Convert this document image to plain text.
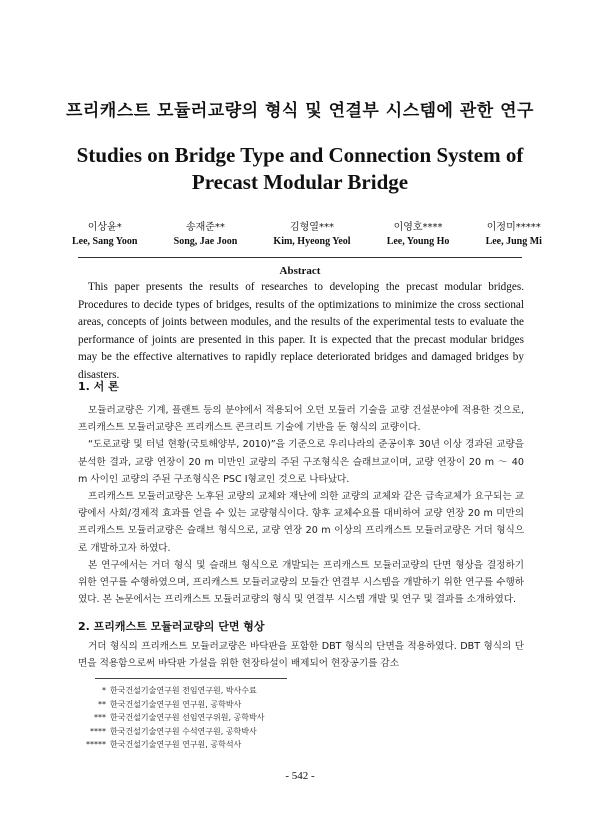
프리캐스트 모듈러교량의 형식 및 연결부 시스템에 관한 연구
Studies on Bridge Type and Connection System of
Precast Modular Bridge
이상윤*
Lee, Sang Yoon
송재준**
Song, Jae Joon
김형열***
Kim, Hyeong Yeol
이영호****
Lee, Young Ho
이정미*****
Lee, Jung Mi
Abstract
This paper presents the results of researches to developing the precast modular bridges. Procedures to decide types of bridges, results of the optimizations to minimize the cross sectional areas, concepts of joints between modules, and the results of the experimental tests to evaluate the performance of joints are presented in this paper. It is expected that the precast modular bridges may be the effective alternatives to rapidly replace deteriorated bridges and damaged bridges by disasters.
1. 서 론

모듈러교량은 기계, 플랜트 등의 분야에서 적용되어 오던 모듈러 기술을 교량 건설분야에 적용한 것으로, 프리캐스트 모듈러교량은 프리캐스트 콘크리트 기술에 기반을 둔 형식의 교량이다.

“도로교량 및 터널 현황(국토해양부, 2010)”을 기준으로 우리나라의 준공이후 30년 이상 경과된 교량을 분석한 결과, 교량 연장이 20 m 미만인 교량의 주된 구조형식은 슬래브교이며, 교량 연장이 20 m ～ 40 m 사이인 교량의 주된 구조형식은 PSC I형교인 것으로 나타났다.

프리캐스트 모듈러교량은 노후된 교량의 교체와 재난에 의한 교량의 교체와 같은 급속교체가 요구되는 교량에서 사회/경제적 효과를 얻을 수 있는 교량형식이다. 향후 교체수요를 대비하여 교량 연장 20 m 미만의 프리캐스트 모듈러교량은 슬래브 형식으로, 교량 연장 20 m 이상의 프리캐스트 모듈러교량은 거더 형식으로 개발하고자 하였다.

본 연구에서는 거더 형식 및 슬래브 형식으로 개발되는 프리캐스트 모듈러교량의 단면 형상을 결정하기 위한 연구를 수행하였으며, 프리캐스트 모듈러교량의 모듈간 연결부 시스템을 개발하기 위한 연구를 수행하였다. 본 논문에서는 프리캐스트 모듈러교량의 형식 및 연결부 시스템 개발 및 연구 및 결과를 소개하였다.

2. 프리캐스트 모듈러교량의 단면 형상

거더 형식의 프리캐스트 모듈러교량은 바닥판을 포함한 DBT 형식의 단면을 적용하였다. DBT 형식의 단면을 적용함으로써 바닥판 가설을 위한 현장타설이 배제되어 현장공기를 감소

* 한국건설기술연구원 전임연구원, 박사수료
** 한국건설기술연구원 연구원, 공학박사
*** 한국건설기술연구원 선임연구위원, 공학박사
**** 한국건설기술연구원 수석연구원, 공학박사
***** 한국건설기술연구원 연구원, 공학석사
- 542 -
